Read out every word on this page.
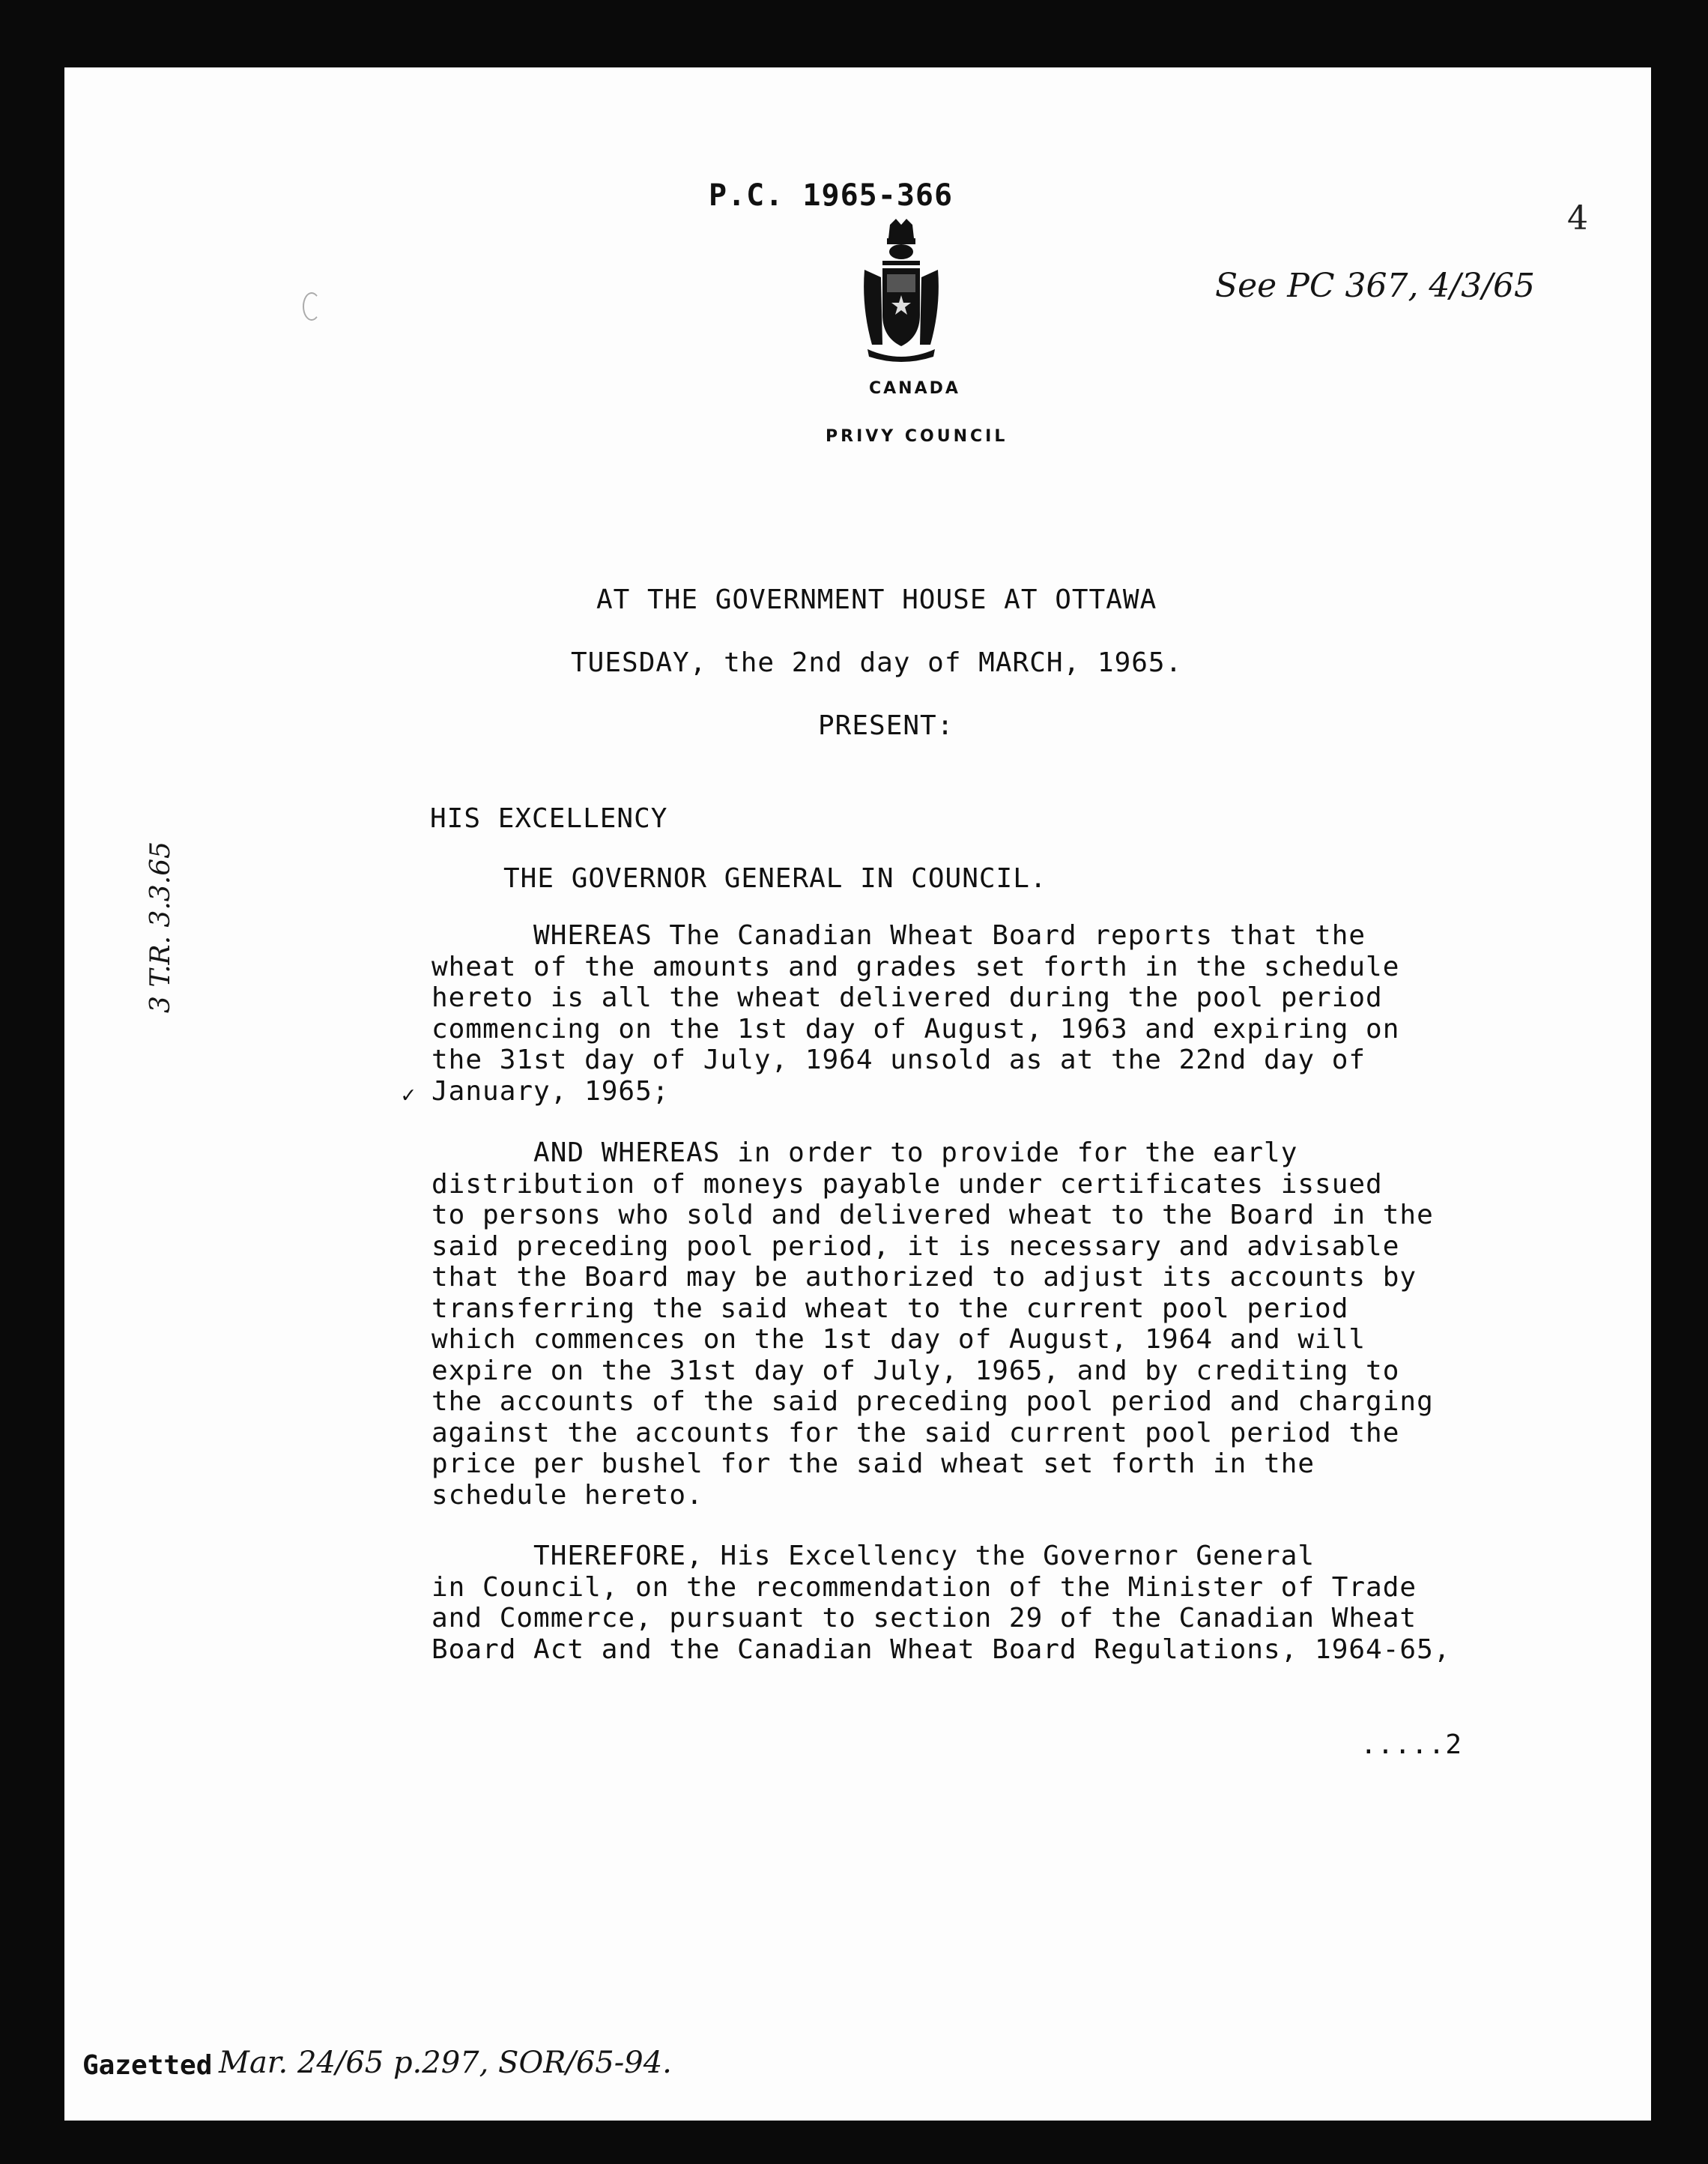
P.C. 1965-366
4
See PC 367, 4/3/65
CANADA
PRIVY COUNCIL
AT THE GOVERNMENT HOUSE AT OTTAWA
TUESDAY, the 2nd day of MARCH, 1965.
PRESENT:
HIS EXCELLENCY
THE GOVERNOR GENERAL IN COUNCIL.
WHEREAS The Canadian Wheat Board reports that the
wheat of the amounts and grades set forth in the schedule
hereto is all the wheat delivered during the pool period
commencing on the 1st day of August, 1963 and expiring on
the 31st day of July, 1964 unsold as at the 22nd day of
January, 1965;
✓
AND WHEREAS in order to provide for the early
distribution of moneys payable under certificates issued
to persons who sold and delivered wheat to the Board in the
said preceding pool period, it is necessary and advisable
that the Board may be authorized to adjust its accounts by
transferring the said wheat to the current pool period
which commences on the 1st day of August, 1964 and will
expire on the 31st day of July, 1965, and by crediting to
the accounts of the said preceding pool period and charging
against the accounts for the said current pool period the
price per bushel for the said wheat set forth in the
schedule hereto.
THEREFORE, His Excellency the Governor General
in Council, on the recommendation of the Minister of Trade
and Commerce, pursuant to section 29 of the Canadian Wheat
Board Act and the Canadian Wheat Board Regulations, 1964-65,
.....2
3 T.R. 3.3.65
Gazetted Mar. 24/65 p.297, SOR/65-94.
